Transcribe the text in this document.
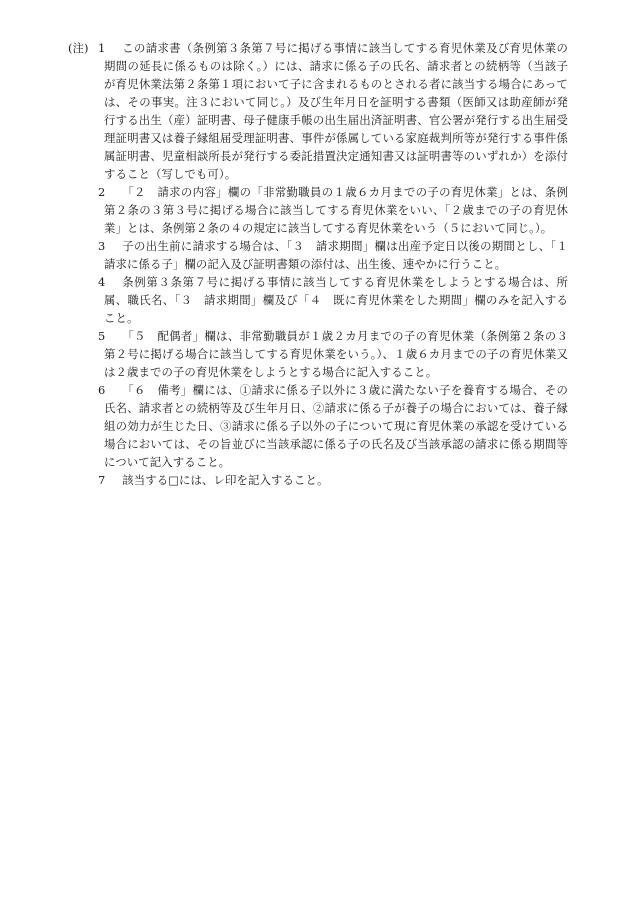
(注) 1	この請求書（条例第３条第７号に掲げる事情に該当してする育児休業及び育児休業の期間の延長に係るものは除く。）には、請求に係る子の氏名、請求者との続柄等（当該子が育児休業法第２条第１項において子に含まれるものとされる者に該当する場合にあっては、その事実。注３において同じ。）及び生年月日を証明する書類（医師又は助産師が発行する出生（産）証明書、母子健康手帳の出生届出済証明書、官公署が発行する出生届受理証明書又は養子縁組届受理証明書、事件が係属している家庭裁判所等が発行する事件係属証明書、児童相談所長が発行する委託措置決定通知書又は証明書等のいずれか）を添付すること（写しでも可）。

2	「２　請求の内容」欄の「非常勤職員の１歳６カ月までの子の育児休業」とは、条例第２条の３第３号に掲げる場合に該当してする育児休業をいい、「２歳までの子の育児休業」とは、条例第２条の４の規定に該当してする育児休業をいう（５において同じ。）。

3	子の出生前に請求する場合は、「３　請求期間」欄は出産予定日以後の期間とし、「１　請求に係る子」欄の記入及び証明書類の添付は、出生後、速やかに行うこと。

4	条例第３条第７号に掲げる事情に該当してする育児休業をしようとする場合は、所属、職氏名、「３　請求期間」欄及び「４　既に育児休業をした期間」欄のみを記入すること。

5	「５　配偶者」欄は、非常勤職員が１歳２カ月までの子の育児休業（条例第２条の３第２号に掲げる場合に該当してする育児休業をいう。）、１歳６カ月までの子の育児休業又は２歳までの子の育児休業をしようとする場合に記入すること。

6	「６　備考」欄には、①請求に係る子以外に３歳に満たない子を養育する場合、その氏名、請求者との続柄等及び生年月日、②請求に係る子が養子の場合においては、養子縁組の効力が生じた日、③請求に係る子以外の子について現に育児休業の承認を受けている場合においては、その旨並びに当該承認に係る子の氏名及び当該承認の請求に係る期間等について記入すること。

7	該当する□には、レ印を記入すること。
